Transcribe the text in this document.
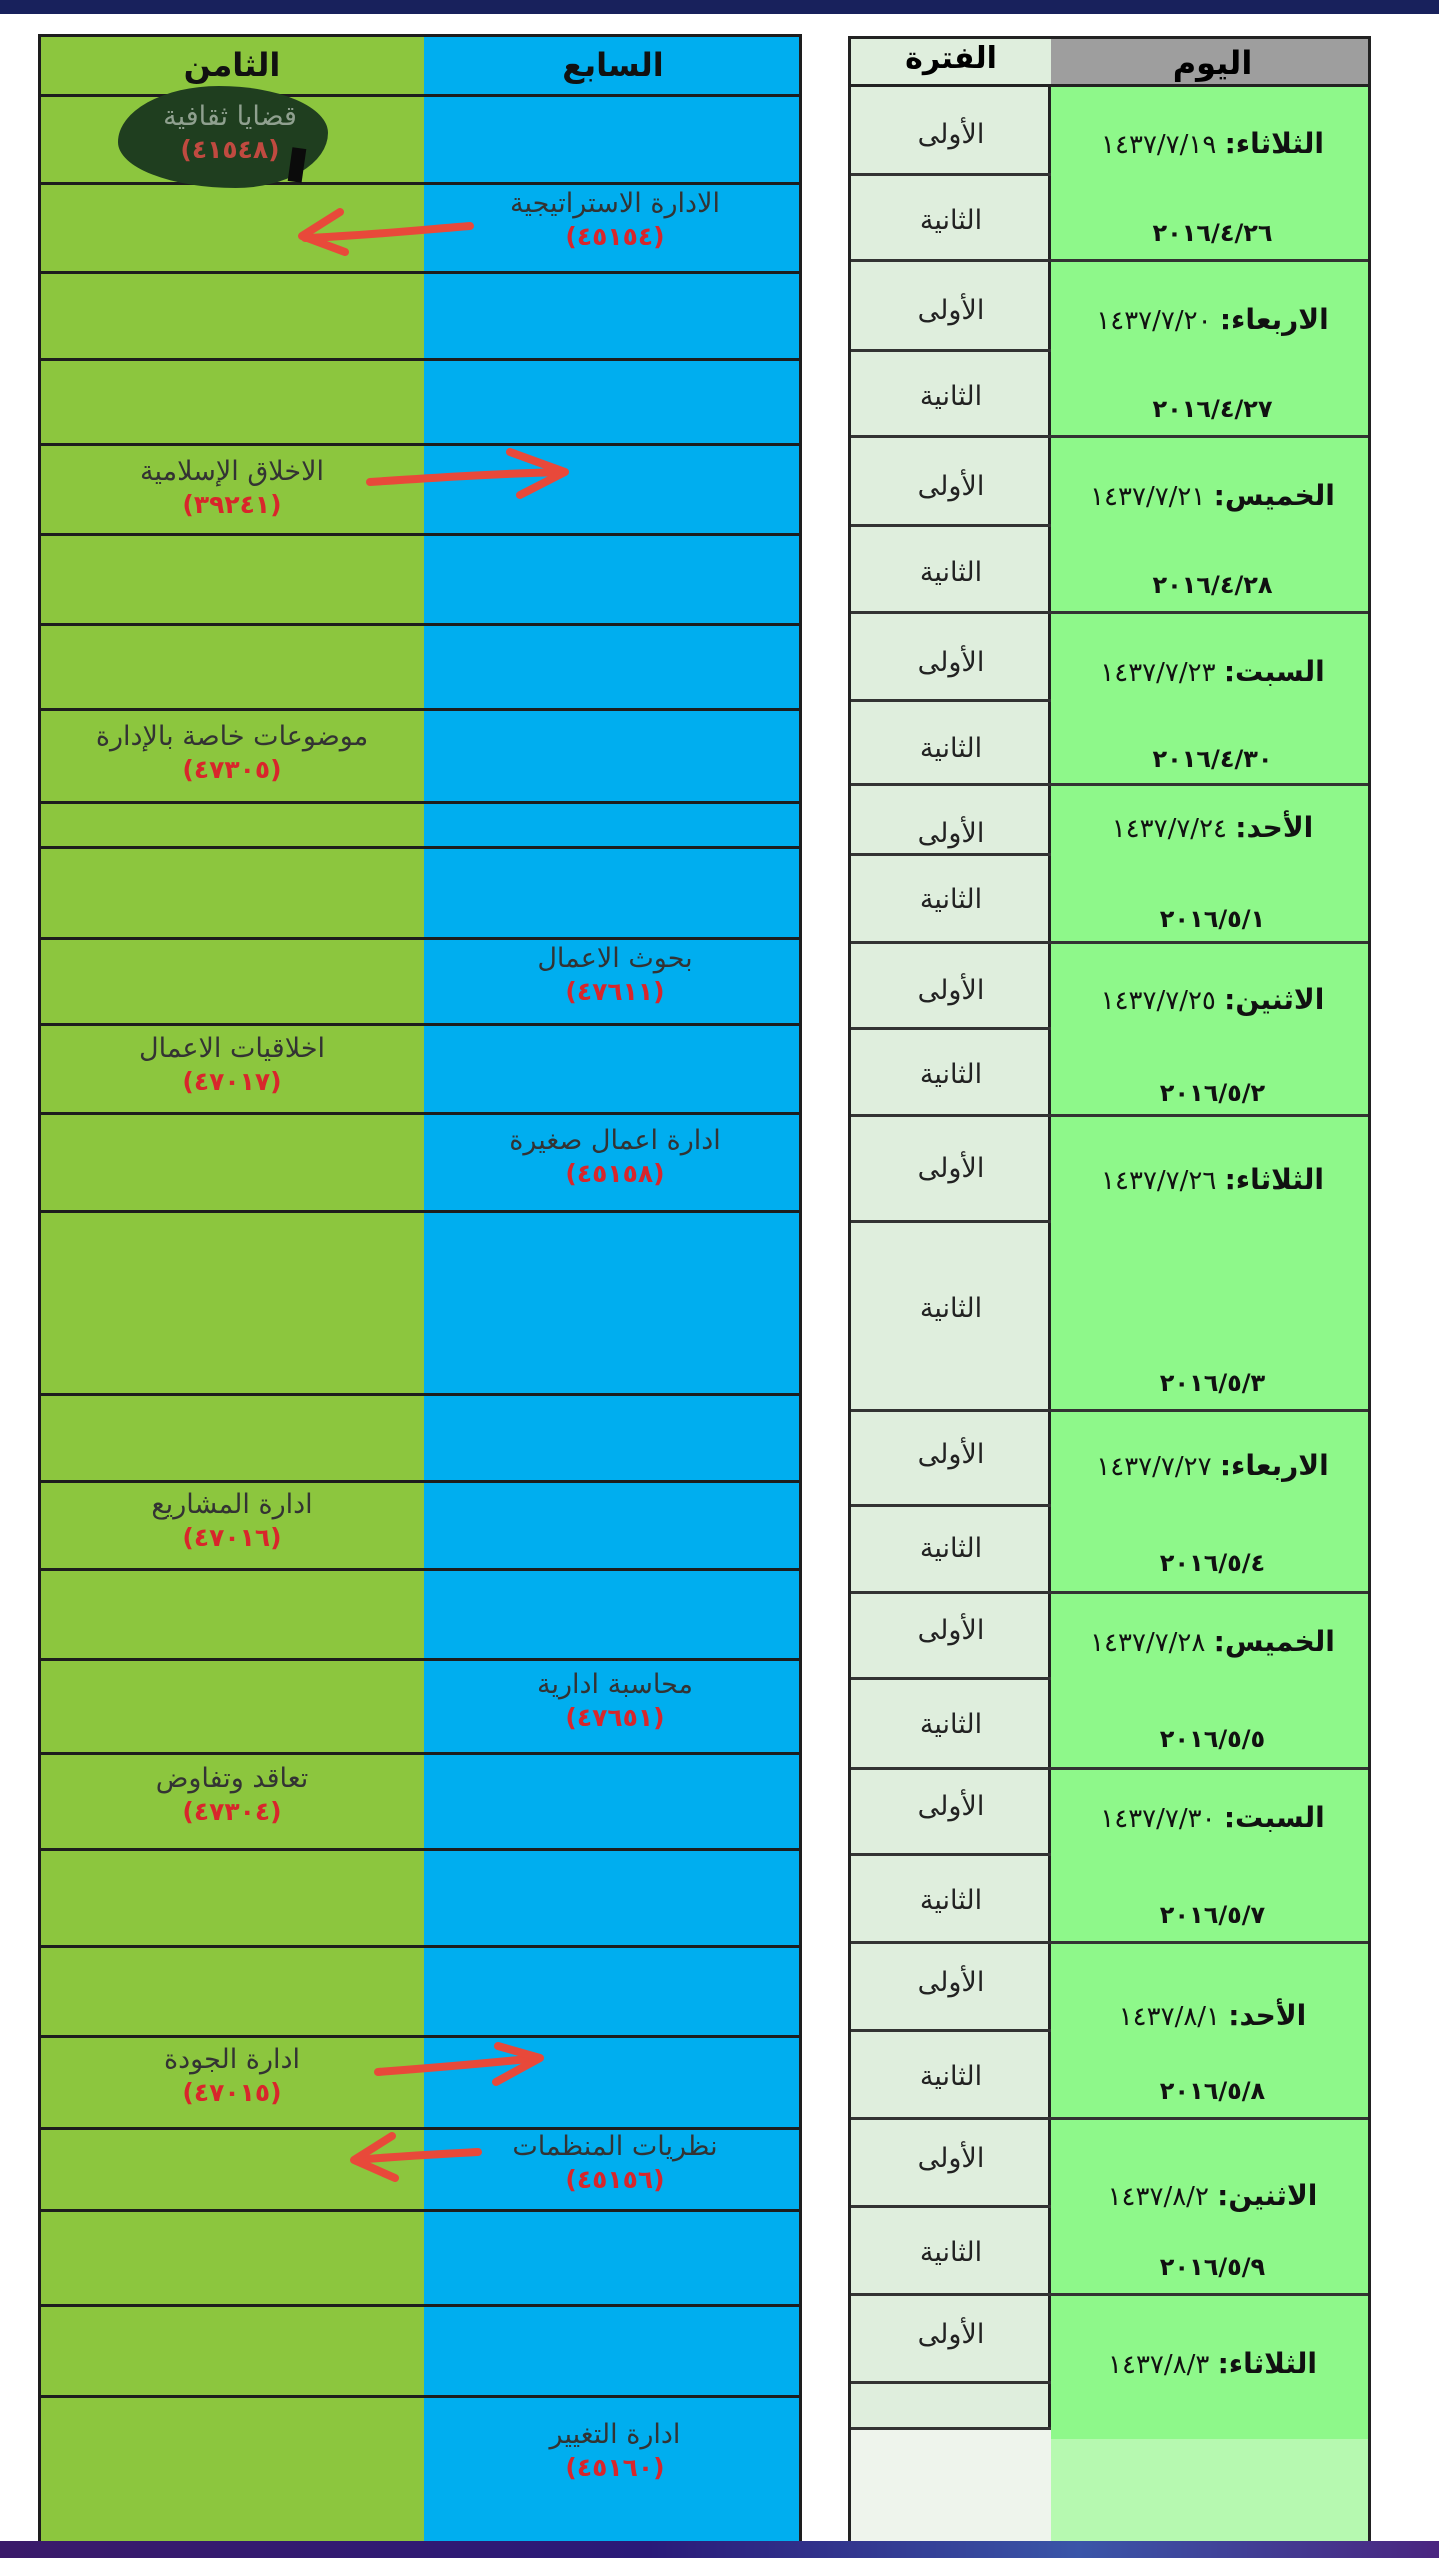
الثامن	السابع
قضايا ثقافية
(٤١٥٤٨)
الاخلاق الإسلامية
(٣٩٢٤١)
موضوعات خاصة بالإدارة
(٤٧٣٠٥)
اخلاقيات الاعمال
(٤٧٠١٧)
ادارة المشاريع
(٤٧٠١٦)
تعاقد وتفاوض
(٤٧٣٠٤)
ادارة الجودة
(٤٧٠١٥)
الادارة الاستراتيجية
(٤٥١٥٤)
بحوث الاعمال
(٤٧٦١١)
ادارة اعمال صغيرة
(٤٥١٥٨)
محاسبة ادارية
(٤٧٦٥١)
نظريات المنظمات
(٤٥١٥٦)
ادارة التغيير
(٤٥١٦٠)
الفترة	اليوم
الأولى
الثانية
الأولى
الثانية
الأولى
الثانية
الأولى
الثانية
الأولى
الثانية
الأولى
الثانية
الأولى
الثانية
الأولى
الثانية
الأولى
الثانية
الأولى
الثانية
الأولى
الثانية
الأولى
الثانية
الأولى
الثلاثاء: ١٤٣٧/٧/١٩
٢٠١٦/٤/٢٦
الاربعاء: ١٤٣٧/٧/٢٠
٢٠١٦/٤/٢٧
الخميس: ١٤٣٧/٧/٢١
٢٠١٦/٤/٢٨
السبت: ١٤٣٧/٧/٢٣
٢٠١٦/٤/٣٠
الأحد: ١٤٣٧/٧/٢٤
٢٠١٦/٥/١
الاثنين: ١٤٣٧/٧/٢٥
٢٠١٦/٥/٢
الثلاثاء: ١٤٣٧/٧/٢٦
٢٠١٦/٥/٣
الاربعاء: ١٤٣٧/٧/٢٧
٢٠١٦/٥/٤
الخميس: ١٤٣٧/٧/٢٨
٢٠١٦/٥/٥
السبت: ١٤٣٧/٧/٣٠
٢٠١٦/٥/٧
الأحد: ١٤٣٧/٨/١
٢٠١٦/٥/٨
الاثنين: ١٤٣٧/٨/٢
٢٠١٦/٥/٩
الثلاثاء: ١٤٣٧/٨/٣
